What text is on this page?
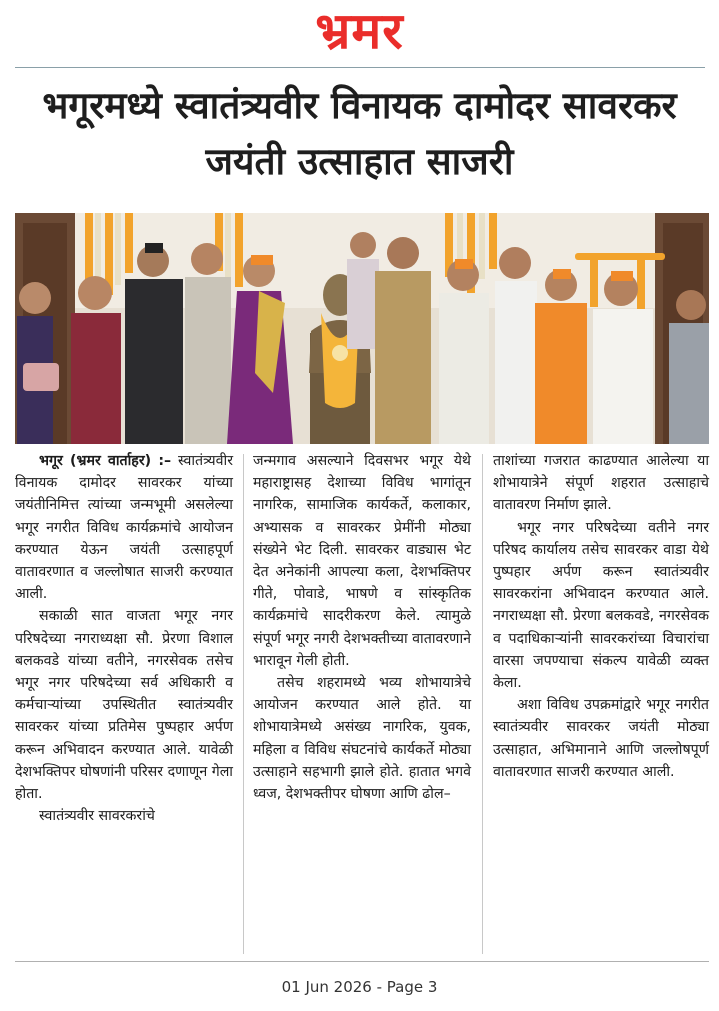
भ्रमर
भगूरमध्ये स्वातंत्र्यवीर विनायक दामोदर सावरकर जयंती उत्साहात साजरी

भगूर (भ्रमर वार्ताहर) :– स्वातंत्र्यवीर विनायक दामोदर सावरकर यांच्या जयंतीनिमित्त त्यांच्या जन्मभूमी असलेल्या भगूर नगरीत विविध कार्यक्रमांचे आयोजन करण्यात येऊन जयंती उत्साहपूर्ण वातावरणात व जल्लोषात साजरी करण्यात आली.

सकाळी सात वाजता भगूर नगर परिषदेच्या नगराध्यक्षा सौ. प्रेरणा विशाल बलकवडे यांच्या वतीने, नगरसेवक तसेच भगूर नगर परिषदेच्या सर्व अधिकारी व कर्मचाऱ्यांच्या उपस्थितीत स्वातंत्र्यवीर सावरकर यांच्या प्रतिमेस पुष्पहार अर्पण करून अभिवादन करण्यात आले. यावेळी देशभक्तिपर घोषणांनी परिसर दणाणून गेला होता.

स्वातंत्र्यवीर सावरकरांचे

जन्मगाव असल्याने दिवसभर भगूर येथे महाराष्ट्रासह देशाच्या विविध भागांतून नागरिक, सामाजिक कार्यकर्ते, कलाकार, अभ्यासक व सावरकर प्रेमींनी मोठ्या संख्येने भेट दिली. सावरकर वाड्यास भेट देत अनेकांनी आपल्या कला, देशभक्तिपर गीते, पोवाडे, भाषणे व सांस्कृतिक कार्यक्रमांचे सादरीकरण केले. त्यामुळे संपूर्ण भगूर नगरी देशभक्तीच्या वातावरणाने भारावून गेली होती.

तसेच शहरामध्ये भव्य शोभायात्रेचे आयोजन करण्यात आले होते. या शोभायात्रेमध्ये असंख्य नागरिक, युवक, महिला व विविध संघटनांचे कार्यकर्ते मोठ्या उत्साहाने सहभागी झाले होते. हातात भगवे ध्वज, देशभक्तीपर घोषणा आणि ढोल–

ताशांच्या गजरात काढण्यात आलेल्या या शोभायात्रेने संपूर्ण शहरात उत्साहाचे वातावरण निर्माण झाले.

भगूर नगर परिषदेच्या वतीने नगर परिषद कार्यालय तसेच सावरकर वाडा येथे पुष्पहार अर्पण करून स्वातंत्र्यवीर सावरकरांना अभिवादन करण्यात आले. नगराध्यक्षा सौ. प्रेरणा बलकवडे, नगरसेवक व पदाधिकाऱ्यांनी सावरकरांच्या विचारांचा वारसा जपण्याचा संकल्प यावेळी व्यक्त केला.

अशा विविध उपक्रमांद्वारे भगूर नगरीत स्वातंत्र्यवीर सावरकर जयंती मोठ्या उत्साहात, अभिमानाने आणि जल्लोषपूर्ण वातावरणात साजरी करण्यात आली.

01 Jun 2026 - Page 3
